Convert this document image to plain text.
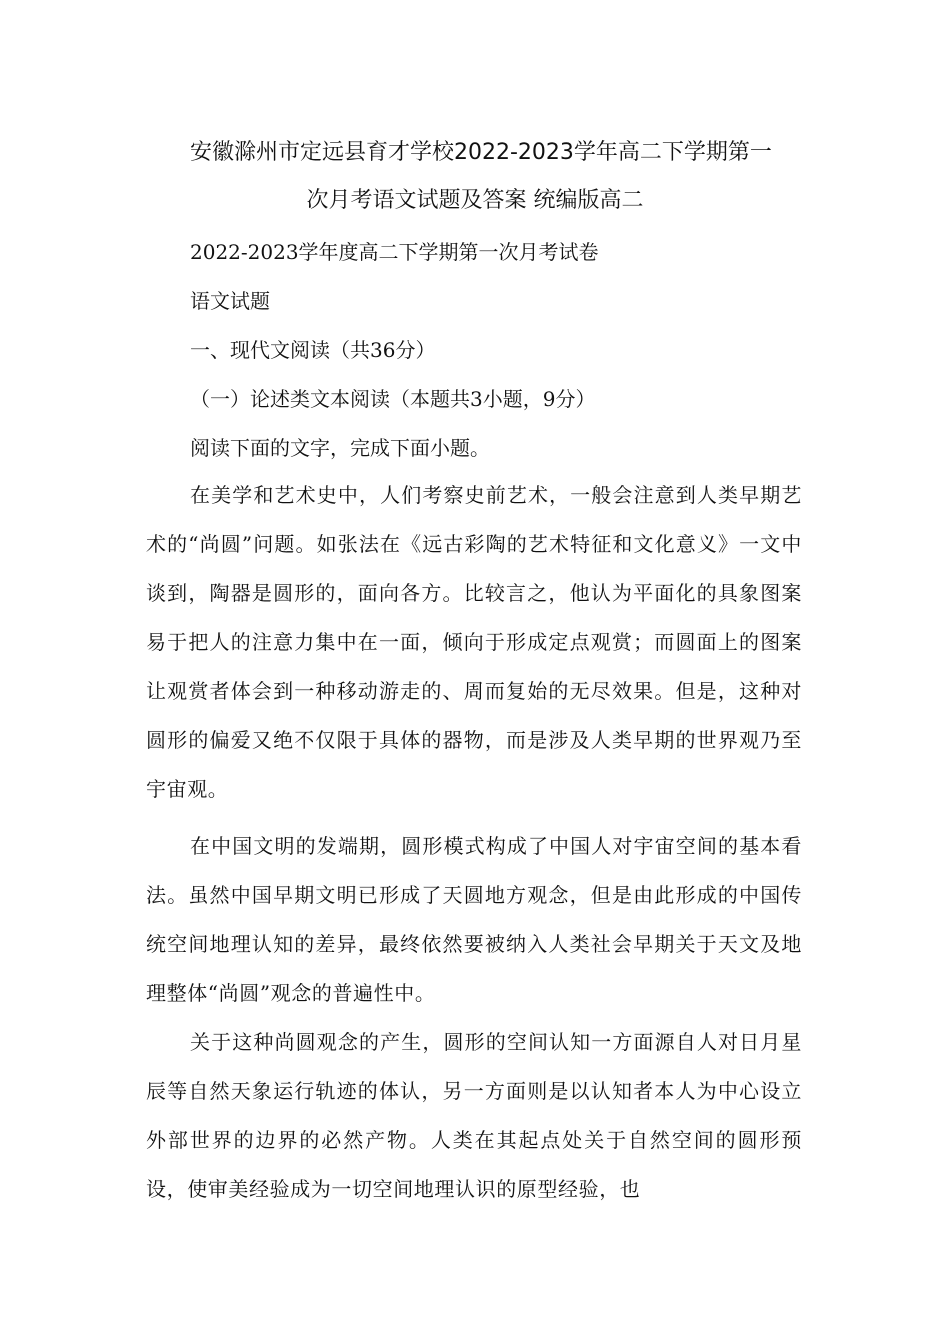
安徽滁州市定远县育才学校2022-2023学年高二下学期第一
次月考语文试题及答案 统编版高二
2022-2023学年度高二下学期第一次月考试卷
语文试题
一、现代文阅读（共36分）
（一）论述类文本阅读（本题共3小题，9分）
阅读下面的文字，完成下面小题。
在美学和艺术史中，人们考察史前艺术，一般会注意到人类早期艺术的“尚圆”问题。如张法在《远古彩陶的艺术特征和文化意义》一文中谈到，陶器是圆形的，面向各方。比较言之，他认为平面化的具象图案易于把人的注意力集中在一面，倾向于形成定点观赏；而圆面上的图案让观赏者体会到一种移动游走的、周而复始的无尽效果。但是，这种对圆形的偏爱又绝不仅限于具体的器物，而是涉及人类早期的世界观乃至宇宙观。
在中国文明的发端期，圆形模式构成了中国人对宇宙空间的基本看法。虽然中国早期文明已形成了天圆地方观念，但是由此形成的中国传统空间地理认知的差异，最终依然要被纳入人类社会早期关于天文及地理整体“尚圆”观念的普遍性中。
关于这种尚圆观念的产生，圆形的空间认知一方面源自人对日月星辰等自然天象运行轨迹的体认，另一方面则是以认知者本人为中心设立外部世界的边界的必然产物。人类在其起点处关于自然空间的圆形预设，使审美经验成为一切空间地理认识的原型经验，也
